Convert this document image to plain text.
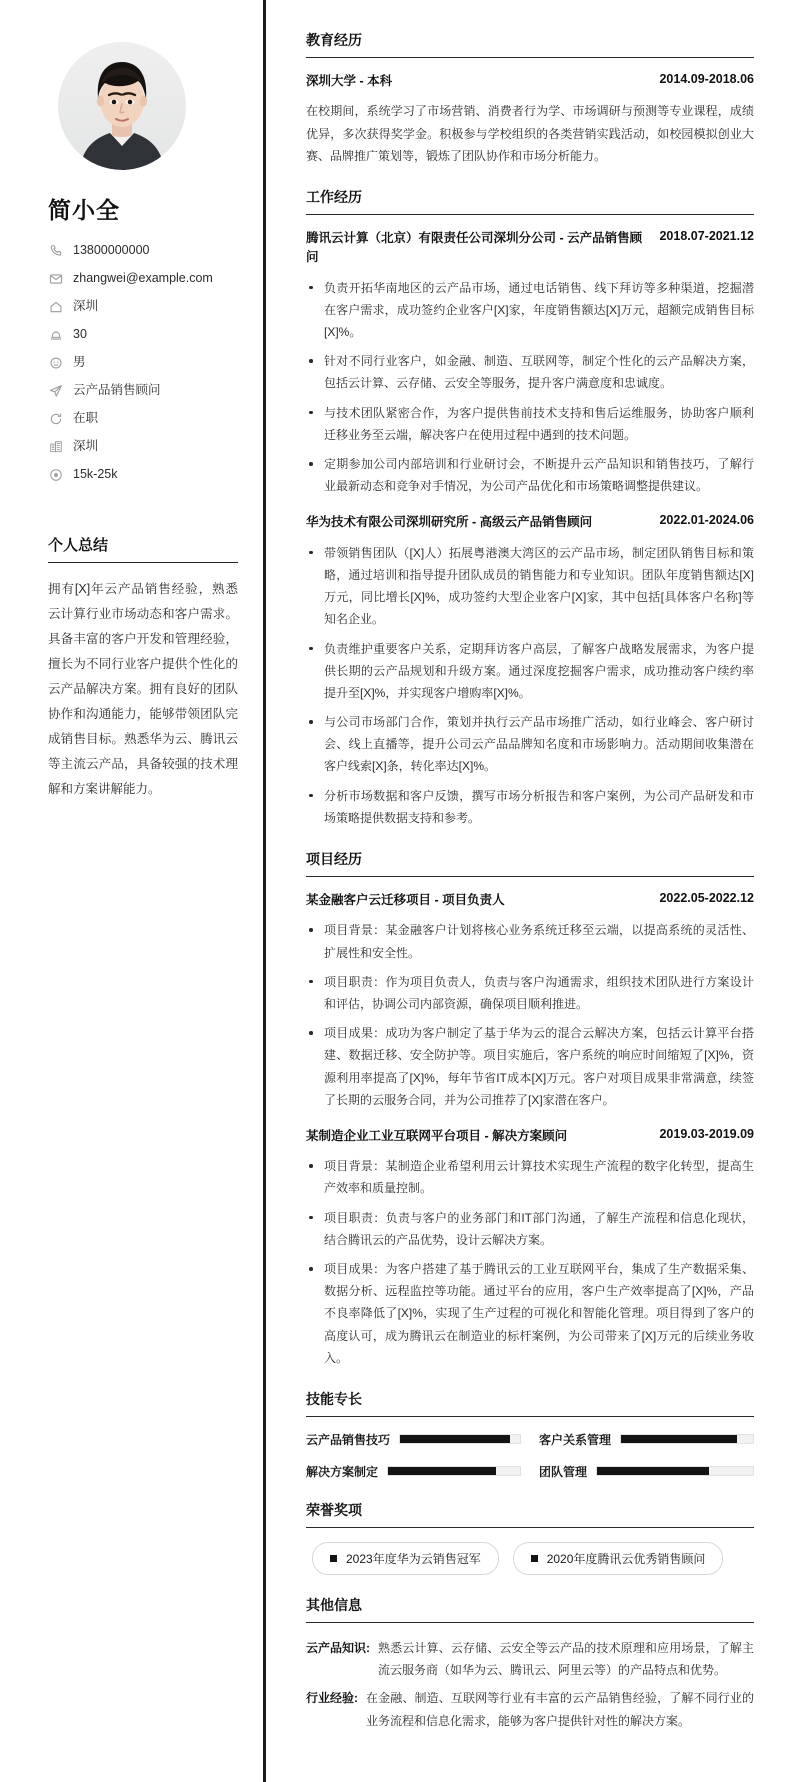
简小全
13800000000
zhangwei@example.com
深圳
30
男
云产品销售顾问
在职
深圳
15k-25k
个人总结

拥有[X]年云产品销售经验，熟悉云计算行业市场动态和客户需求。具备丰富的客户开发和管理经验，擅长为不同行业客户提供个性化的云产品解决方案。拥有良好的团队协作和沟通能力，能够带领团队完成销售目标。熟悉华为云、腾讯云等主流云产品，具备较强的技术理解和方案讲解能力。

教育经历
深圳大学 - 本科	2014.09-2018.06

在校期间，系统学习了市场营销、消费者行为学、市场调研与预测等专业课程，成绩优异，多次获得奖学金。积极参与学校组织的各类营销实践活动，如校园模拟创业大赛、品牌推广策划等，锻炼了团队协作和市场分析能力。

工作经历
腾讯云计算（北京）有限责任公司深圳分公司 - 云产品销售顾问
2018.07-2021.12
负责开拓华南地区的云产品市场，通过电话销售、线下拜访等多种渠道，挖掘潜在客户需求，成功签约企业客户[X]家，年度销售额达[X]万元，超额完成销售目标[X]%。
针对不同行业客户，如金融、制造、互联网等，制定个性化的云产品解决方案，包括云计算、云存储、云安全等服务，提升客户满意度和忠诚度。
与技术团队紧密合作，为客户提供售前技术支持和售后运维服务，协助客户顺利迁移业务至云端，解决客户在使用过程中遇到的技术问题。
定期参加公司内部培训和行业研讨会，不断提升云产品知识和销售技巧，了解行业最新动态和竞争对手情况，为公司产品优化和市场策略调整提供建议。
华为技术有限公司深圳研究所 - 高级云产品销售顾问	2022.01-2024.06
带领销售团队（[X]人）拓展粤港澳大湾区的云产品市场，制定团队销售目标和策略，通过培训和指导提升团队成员的销售能力和专业知识。团队年度销售额达[X]万元，同比增长[X]%，成功签约大型企业客户[X]家，其中包括[具体客户名称]等知名企业。
负责维护重要客户关系，定期拜访客户高层，了解客户战略发展需求，为客户提供长期的云产品规划和升级方案。通过深度挖掘客户需求，成功推动客户续约率提升至[X]%，并实现客户增购率[X]%。
与公司市场部门合作，策划并执行云产品市场推广活动，如行业峰会、客户研讨会、线上直播等，提升公司云产品品牌知名度和市场影响力。活动期间收集潜在客户线索[X]条，转化率达[X]%。
分析市场数据和客户反馈，撰写市场分析报告和客户案例，为公司产品研发和市场策略提供数据支持和参考。
项目经历
某金融客户云迁移项目 - 项目负责人	2022.05-2022.12
项目背景：某金融客户计划将核心业务系统迁移至云端，以提高系统的灵活性、扩展性和安全性。
项目职责：作为项目负责人，负责与客户沟通需求，组织技术团队进行方案设计和评估，协调公司内部资源，确保项目顺利推进。
项目成果：成功为客户制定了基于华为云的混合云解决方案，包括云计算平台搭建、数据迁移、安全防护等。项目实施后，客户系统的响应时间缩短了[X]%，资源利用率提高了[X]%，每年节省IT成本[X]万元。客户对项目成果非常满意，续签了长期的云服务合同，并为公司推荐了[X]家潜在客户。
某制造企业工业互联网平台项目 - 解决方案顾问	2019.03-2019.09
项目背景：某制造企业希望利用云计算技术实现生产流程的数字化转型，提高生产效率和质量控制。
项目职责：负责与客户的业务部门和IT部门沟通，了解生产流程和信息化现状，结合腾讯云的产品优势，设计云解决方案。
项目成果：为客户搭建了基于腾讯云的工业互联网平台，集成了生产数据采集、数据分析、远程监控等功能。通过平台的应用，客户生产效率提高了[X]%，产品不良率降低了[X]%，实现了生产过程的可视化和智能化管理。项目得到了客户的高度认可，成为腾讯云在制造业的标杆案例，为公司带来了[X]万元的后续业务收入。
技能专长
云产品销售技巧	客户关系管理
解决方案制定	团队管理
荣誉奖项
2023年度华为云销售冠军	2020年度腾讯云优秀销售顾问
其他信息
云产品知识: 熟悉云计算、云存储、云安全等云产品的技术原理和应用场景，了解主流云服务商（如华为云、腾讯云、阿里云等）的产品特点和优势。
行业经验: 在金融、制造、互联网等行业有丰富的云产品销售经验，了解不同行业的业务流程和信息化需求，能够为客户提供针对性的解决方案。
